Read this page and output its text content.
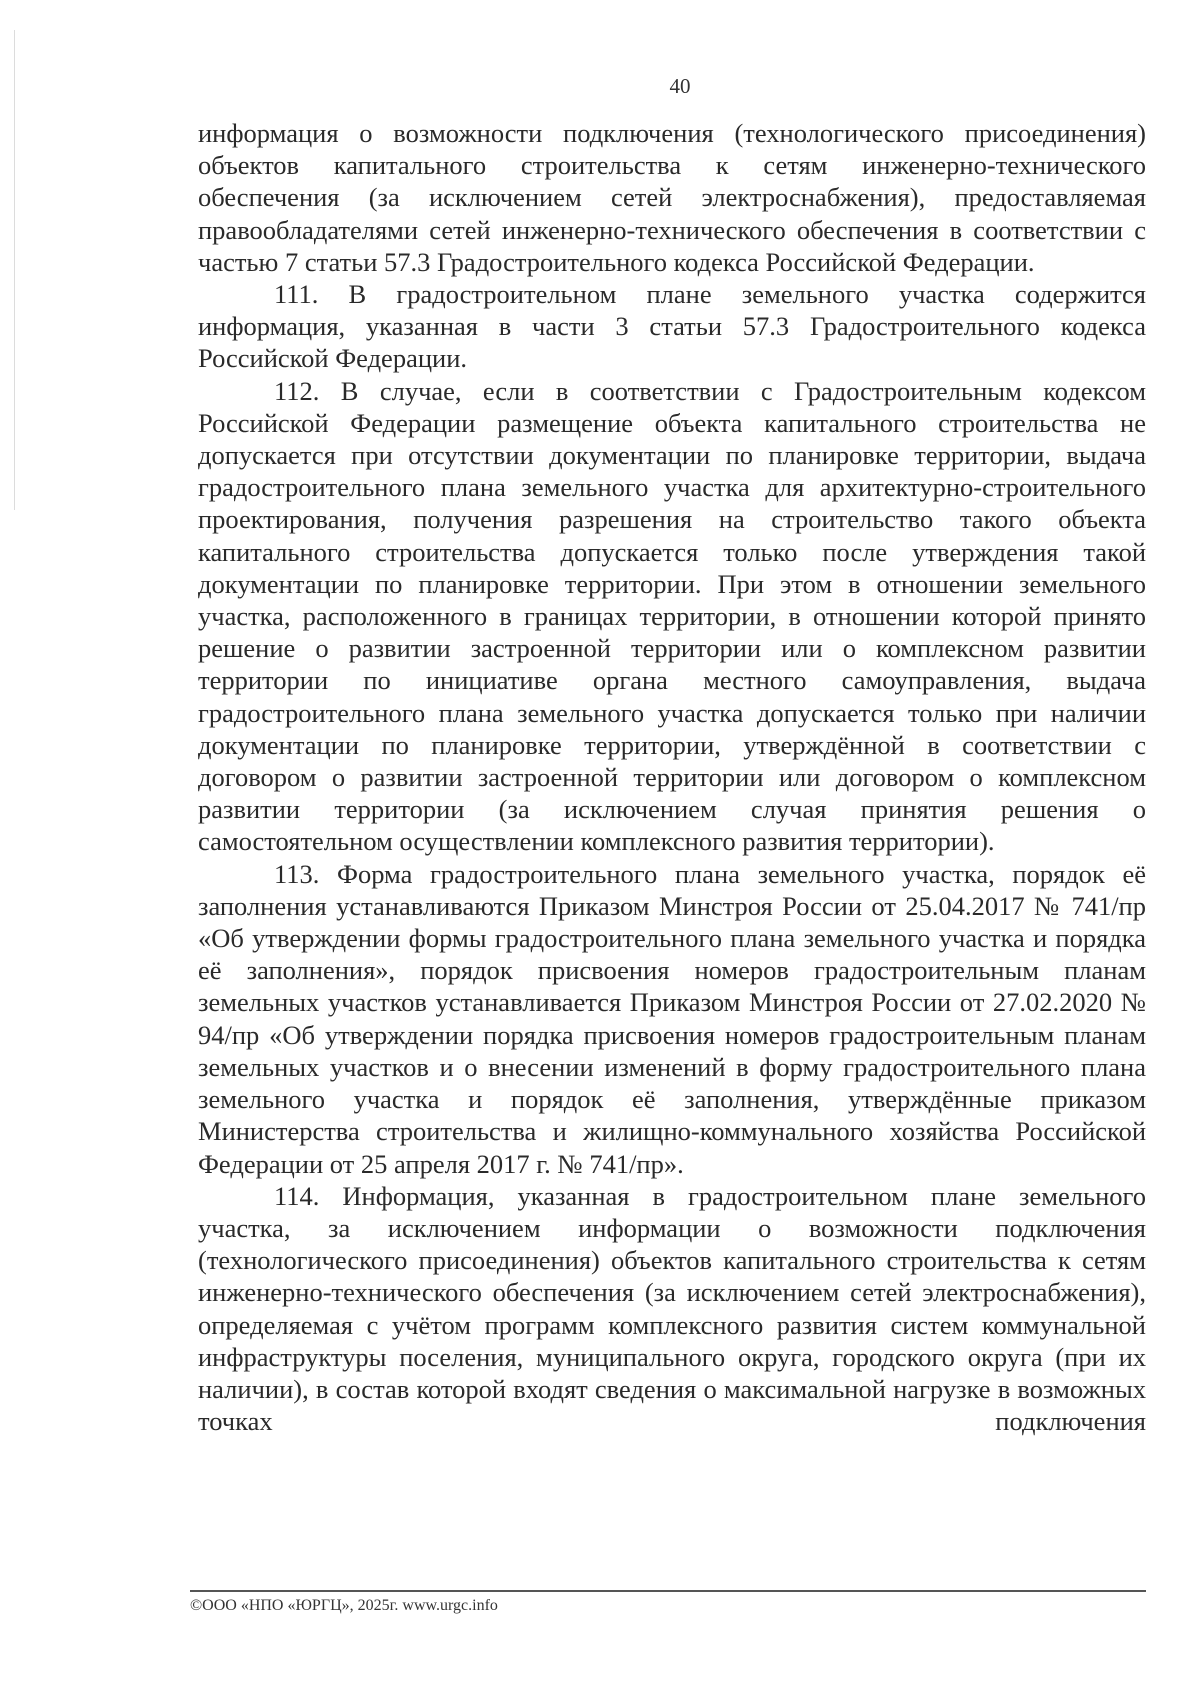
40

информация о возможности подключения (технологического присоединения) объектов капитального строительства к сетям инженерно-технического обеспечения (за исключением сетей электроснабжения), предоставляемая правообладателями сетей инженерно-технического обеспечения в соответствии с частью 7 статьи 57.3 Градостроительного кодекса Российской Федерации.

111. В градостроительном плане земельного участка содержится информация, указанная в части 3 статьи 57.3 Градостроительного кодекса Российской Федерации.

112. В случае, если в соответствии с Градостроительным кодексом Российской Федерации размещение объекта капитального строительства не допускается при отсутствии документации по планировке территории, выдача градостроительного плана земельного участка для архитектурно-строительного проектирования, получения разрешения на строительство такого объекта капитального строительства допускается только после утверждения такой документации по планировке территории. При этом в отношении земельного участка, расположенного в границах территории, в отношении которой принято решение о развитии застроенной территории или о комплексном развитии территории по инициативе органа местного самоуправления, выдача градостроительного плана земельного участка допускается только при наличии документации по планировке территории, утверждённой в соответствии с договором о развитии застроенной территории или договором о комплексном развитии территории (за исключением случая принятия решения о самостоятельном осуществлении комплексного развития территории).

113. Форма градостроительного плана земельного участка, порядок её заполнения устанавливаются Приказом Минстроя России от 25.04.2017 № 741/пр «Об утверждении формы градостроительного плана земельного участка и порядка её заполнения», порядок присвоения номеров градостроительным планам земельных участков устанавливается Приказом Минстроя России от 27.02.2020 № 94/пр «Об утверждении порядка присвоения номеров градостроительным планам земельных участков и о внесении изменений в форму градостроительного плана земельного участка и порядок её заполнения, утверждённые приказом Министерства строительства и жилищно-коммунального хозяйства Российской Федерации от 25 апреля 2017 г. № 741/пр».

114. Информация, указанная в градостроительном плане земельного участка, за исключением информации о возможности подключения (технологического присоединения) объектов капитального строительства к сетям инженерно-технического обеспечения (за исключением сетей электроснабжения), определяемая с учётом программ комплексного развития систем коммунальной инфраструктуры поселения, муниципального округа, городского округа (при их наличии), в состав которой входят сведения о максимальной нагрузке в возможных точках подключения

©ООО «НПО «ЮРГЦ», 2025г. www.urgc.info
